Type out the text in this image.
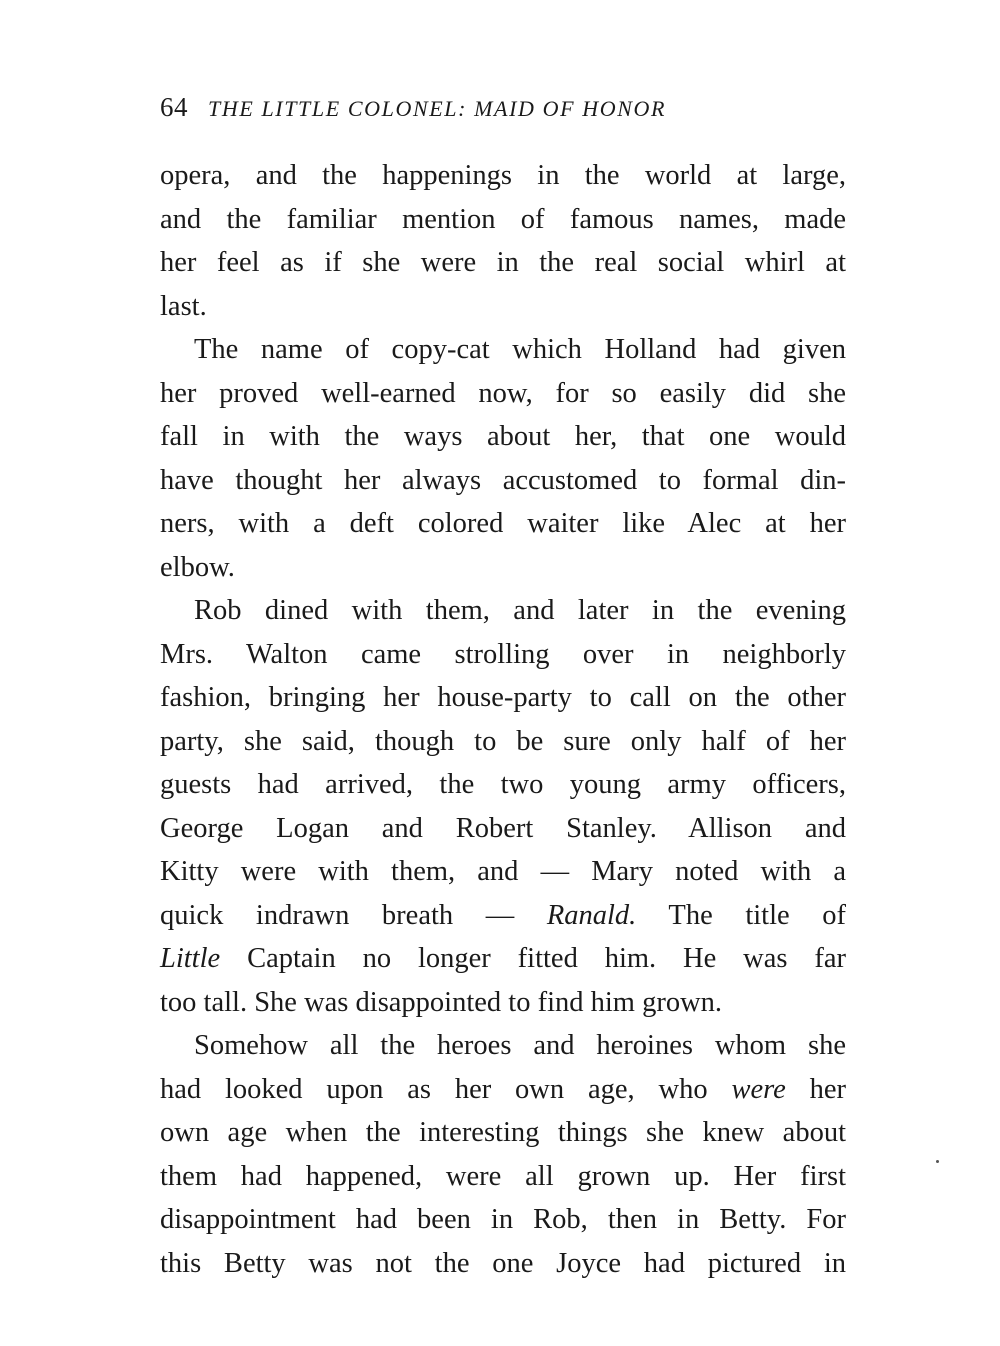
64 THE LITTLE COLONEL: MAID OF HONOR
opera, and the happenings in the world at large,
and the familiar mention of famous names, made
her feel as if she were in the real social whirl at
last.
The name of copy-cat which Holland had given
her proved well-earned now, for so easily did she
fall in with the ways about her, that one would
have thought her always accustomed to formal din-
ners, with a deft colored waiter like Alec at her
elbow.
Rob dined with them, and later in the evening
Mrs. Walton came strolling over in neighborly
fashion, bringing her house-party to call on the other
party, she said, though to be sure only half of her
guests had arrived, the two young army officers,
George Logan and Robert Stanley. Allison and
Kitty were with them, and — Mary noted with a
quick indrawn breath — Ranald. The title of
Little Captain no longer fitted him. He was far
too tall. She was disappointed to find him grown.
Somehow all the heroes and heroines whom she
had looked upon as her own age, who were her
own age when the interesting things she knew about
them had happened, were all grown up. Her first
disappointment had been in Rob, then in Betty. For
this Betty was not the one Joyce had pictured in
